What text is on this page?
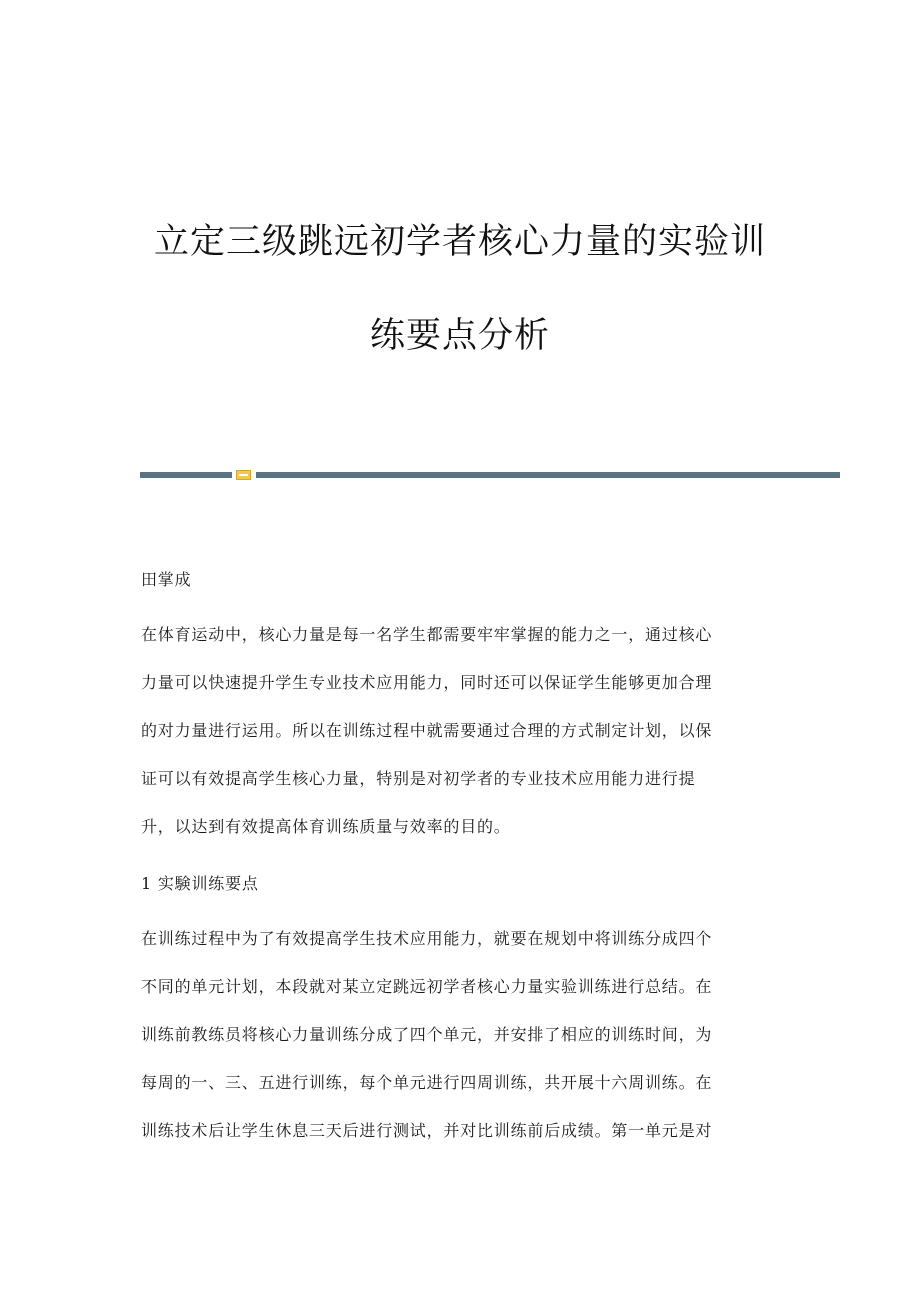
立定三级跳远初学者核心力量的实验训
练要点分析
田掌成
在体育运动中，核心力量是每一名学生都需要牢牢掌握的能力之一，通过核心
力量可以快速提升学生专业技术应用能力，同时还可以保证学生能够更加合理
的对力量进行运用。所以在训练过程中就需要通过合理的方式制定计划，以保
证可以有效提高学生核心力量，特别是对初学者的专业技术应用能力进行提
升，以达到有效提高体育训练质量与效率的目的。
1 实験训练要点
在训练过程中为了有效提高学生技术应用能力，就要在规划中将训练分成四个
不同的单元计划，本段就对某立定跳远初学者核心力量实验训练进行总结。在
训练前教练员将核心力量训练分成了四个单元，并安排了相应的训练时间，为
每周的一、三、五进行训练，每个单元进行四周训练，共开展十六周训练。在
训练技术后让学生休息三天后进行测试，并对比训练前后成绩。第一单元是对
